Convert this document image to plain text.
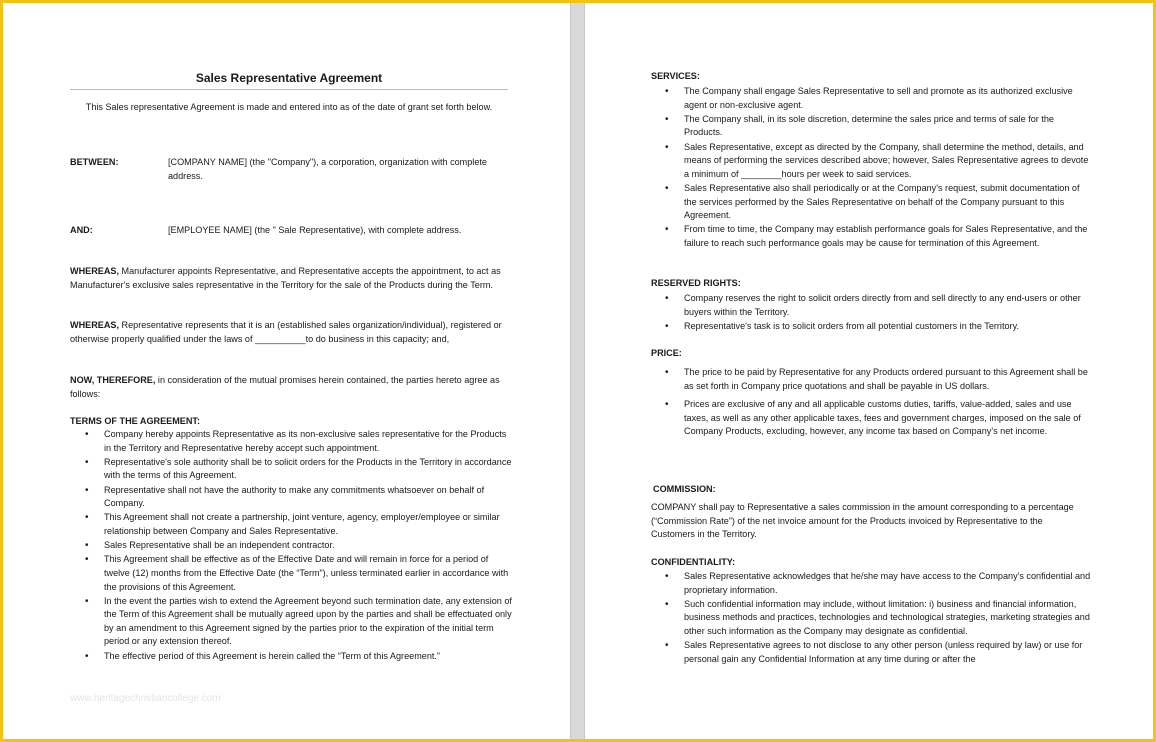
Sales Representative Agreement
This Sales representative Agreement is made and entered into as of the date of grant set forth below.
BETWEEN:	[COMPANY NAME] (the "Company"), a corporation, organization with complete address.
AND:	[EMPLOYEE NAME] (the " Sale Representative), with complete address.
WHEREAS, Manufacturer appoints Representative, and Representative accepts the appointment, to act as Manufacturer's exclusive sales representative in the Territory for the sale of the Products during the Term.
WHEREAS, Representative represents that it is an (established sales organization/individual), registered or otherwise properly qualified under the laws of __________to do business in this capacity; and,
NOW, THEREFORE, in consideration of the mutual promises herein contained, the parties hereto agree as follows:
TERMS OF THE AGREEMENT:
• Company hereby appoints Representative as its non-exclusive sales representative for the Products in the Territory and Representative hereby accept such appointment.
• Representative's sole authority shall be to solicit orders for the Products in the Territory in accordance with the terms of this Agreement.
• Representative shall not have the authority to make any commitments whatsoever on behalf of Company.
• This Agreement shall not create a partnership, joint venture, agency, employer/employee or similar relationship between Company and Sales Representative.
• Sales Representative shall be an independent contractor.
• This Agreement shall be effective as of the Effective Date and will remain in force for a period of twelve (12) months from the Effective Date (the “Term”), unless terminated earlier in accordance with the provisions of this Agreement.
• In the event the parties wish to extend the Agreement beyond such termination date, any extension of the Term of this Agreement shall be mutually agreed upon by the parties and shall be effectuated only by an amendment to this Agreement signed by the parties prior to the expiration of the initial term period or any extension thereof.
• The effective period of this Agreement is herein called the “Term of this Agreement.”
www.heritagechristiancollege.com
SERVICES:
• The Company shall engage Sales Representative to sell and promote as its authorized exclusive agent or non-exclusive agent.
• The Company shall, in its sole discretion, determine the sales price and terms of sale for the Products.
• Sales Representative, except as directed by the Company, shall determine the method, details, and means of performing the services described above; however, Sales Representative agrees to devote a minimum of ________hours per week to said services.
• Sales Representative also shall periodically or at the Company's request, submit documentation of the services performed by the Sales Representative on behalf of the Company pursuant to this Agreement.
• From time to time, the Company may establish performance goals for Sales Representative, and the failure to reach such performance goals may be cause for termination of this Agreement.
RESERVED RIGHTS:
• Company reserves the right to solicit orders directly from and sell directly to any end-users or other buyers within the Territory.
• Representative's task is to solicit orders from all potential customers in the Territory.
PRICE:
• The price to be paid by Representative for any Products ordered pursuant to this Agreement shall be as set forth in Company price quotations and shall be payable in US dollars.
• Prices are exclusive of any and all applicable customs duties, tariffs, value-added, sales and use taxes, as well as any other applicable taxes, fees and government charges, imposed on the sale of Company Products, excluding, however, any income tax based on Company's net income.
COMMISSION:
COMPANY shall pay to Representative a sales commission in the amount corresponding to a percentage (“Commission Rate”) of the net invoice amount for the Products invoiced by Representative to the Customers in the Territory.
CONFIDENTIALITY:
• Sales Representative acknowledges that he/she may have access to the Company's confidential and proprietary information.
• Such confidential information may include, without limitation: i) business and financial information, business methods and practices, technologies and technological strategies, marketing strategies and other such information as the Company may designate as confidential.
• Sales Representative agrees to not disclose to any other person (unless required by law) or use for personal gain any Confidential Information at any time during or after the
